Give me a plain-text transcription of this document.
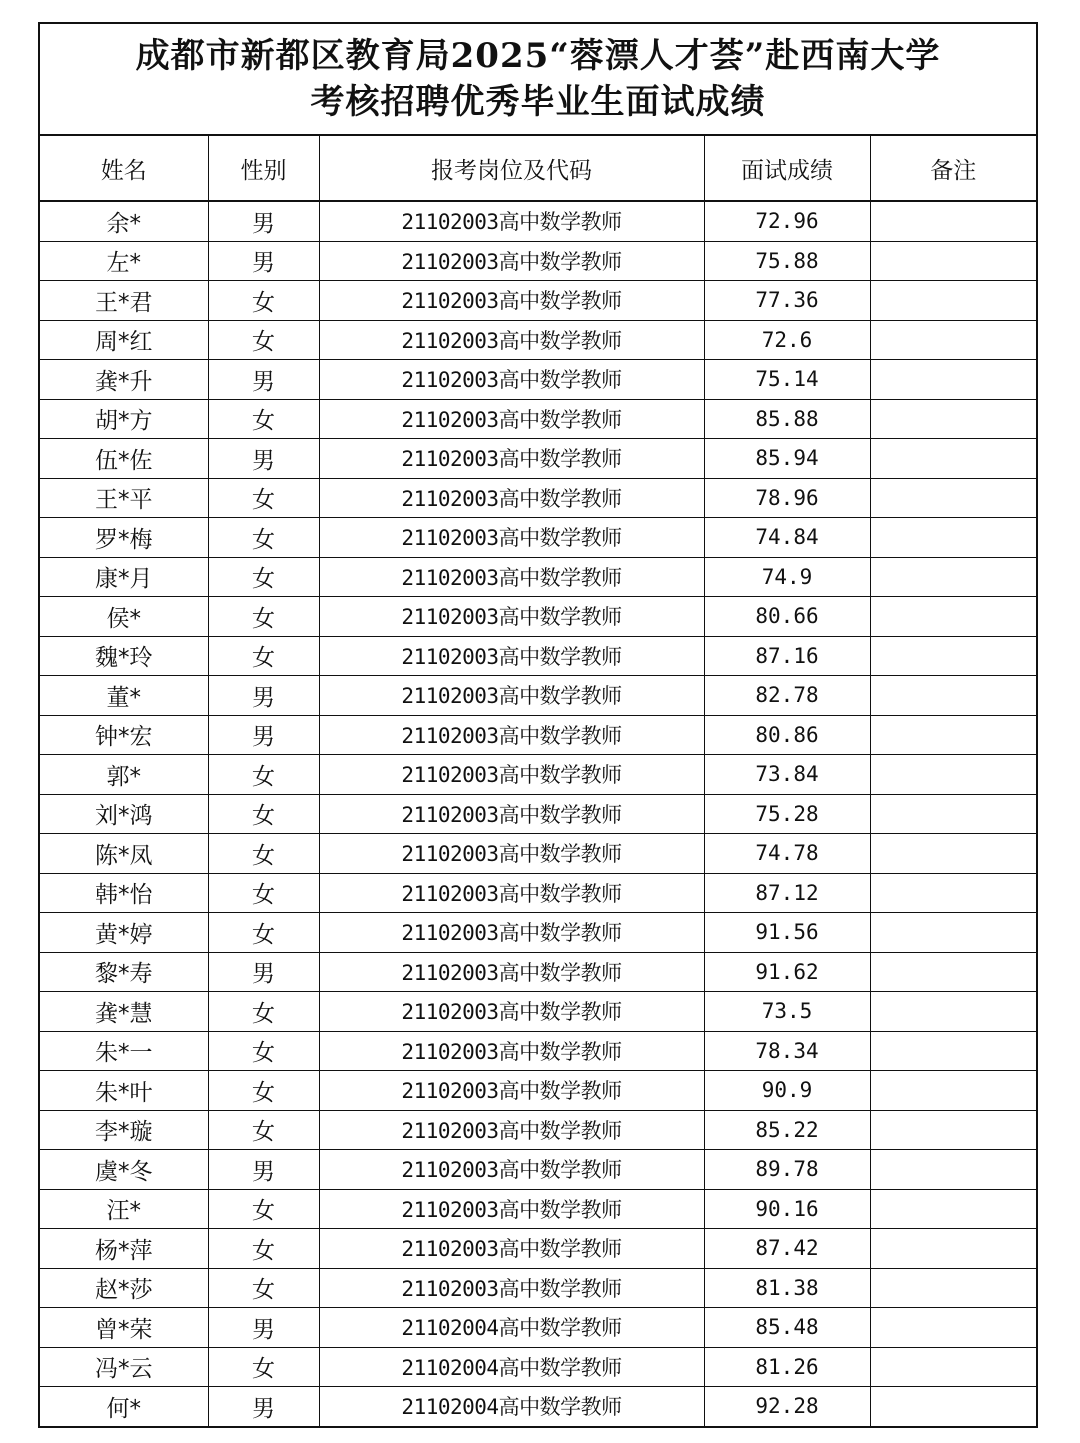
成都市新都区教育局2025“蓉漂人才荟”赴西南大学
考核招聘优秀毕业生面试成绩
姓名	性别	报考岗位及代码	面试成绩	备注
余*	男	21102003高中数学教师	72.96	
左*	男	21102003高中数学教师	75.88	
王*君	女	21102003高中数学教师	77.36	
周*红	女	21102003高中数学教师	72.6	
龚*升	男	21102003高中数学教师	75.14	
胡*方	女	21102003高中数学教师	85.88	
伍*佐	男	21102003高中数学教师	85.94	
王*平	女	21102003高中数学教师	78.96	
罗*梅	女	21102003高中数学教师	74.84	
康*月	女	21102003高中数学教师	74.9	
侯*	女	21102003高中数学教师	80.66	
魏*玲	女	21102003高中数学教师	87.16	
董*	男	21102003高中数学教师	82.78	
钟*宏	男	21102003高中数学教师	80.86	
郭*	女	21102003高中数学教师	73.84	
刘*鸿	女	21102003高中数学教师	75.28	
陈*凤	女	21102003高中数学教师	74.78	
韩*怡	女	21102003高中数学教师	87.12	
黄*婷	女	21102003高中数学教师	91.56	
黎*寿	男	21102003高中数学教师	91.62	
龚*慧	女	21102003高中数学教师	73.5	
朱*一	女	21102003高中数学教师	78.34	
朱*叶	女	21102003高中数学教师	90.9	
李*璇	女	21102003高中数学教师	85.22	
虞*冬	男	21102003高中数学教师	89.78	
汪*	女	21102003高中数学教师	90.16	
杨*萍	女	21102003高中数学教师	87.42	
赵*莎	女	21102003高中数学教师	81.38	
曾*荣	男	21102004高中数学教师	85.48	
冯*云	女	21102004高中数学教师	81.26	
何*	男	21102004高中数学教师	92.28	
